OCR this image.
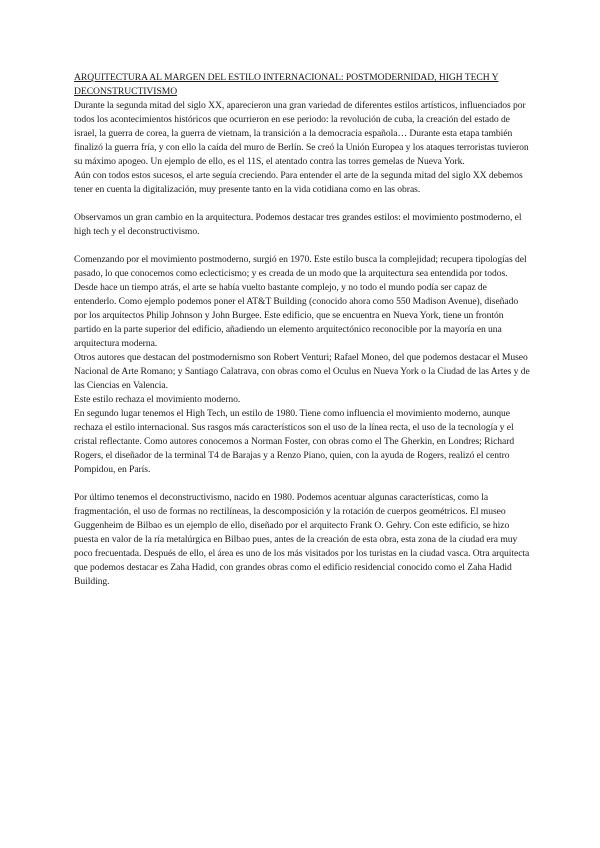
ARQUITECTURA AL MARGEN DEL ESTILO INTERNACIONAL: POSTMODERNIDAD, HIGH TECH Y DECONSTRUCTIVISMO

Durante la segunda mitad del siglo XX, aparecieron una gran variedad de diferentes estilos artísticos, influenciados por todos los acontecimientos históricos que ocurrieron en ese periodo: la revolución de cuba, la creación del estado de israel, la guerra de corea, la guerra de vietnam, la transición a la democracia española… Durante esta etapa también finalizó la guerra fría, y con ello la caída del muro de Berlín. Se creó la Unión Europea y los ataques terroristas tuvieron su máximo apogeo. Un ejemplo de ello, es el 11S, el atentado contra las torres gemelas de Nueva York.

Aún con todos estos sucesos, el arte seguía creciendo. Para entender el arte de la segunda mitad del siglo XX debemos tener en cuenta la digitalización, muy presente tanto en la vida cotidiana como en las obras.

Observamos un gran cambio en la arquitectura. Podemos destacar tres grandes estilos: el movimiento postmoderno, el high tech y el deconstructivismo.

Comenzando por el movimiento postmoderno, surgió en 1970. Este estilo busca la complejidad; recupera tipologías del pasado, lo que conocemos como eclecticismo; y es creada de un modo que la arquitectura sea entendida por todos. Desde hace un tiempo atrás, el arte se había vuelto bastante complejo, y no todo el mundo podía ser capaz de entenderlo. Como ejemplo podemos poner el AT&T Building (conocido ahora como 550 Madison Avenue), diseñado por los arquitectos Philip Johnson y John Burgee. Este edificio, que se encuentra en Nueva York, tiene un frontón partido en la parte superior del edificio, añadiendo un elemento arquitectónico reconocible por la mayoría en una arquitectura moderna.

Otros autores que destacan del postmodernismo son Robert Venturi; Rafael Moneo, del que podemos destacar el Museo Nacional de Arte Romano; y Santiago Calatrava, con obras como el Oculus en Nueva York o la Ciudad de las Artes y de las Ciencias en Valencia.

Este estilo rechaza el movimiento moderno.

En segundo lugar tenemos el High Tech, un estilo de 1980. Tiene como influencia el movimiento moderno, aunque rechaza el estilo internacional. Sus rasgos más característicos son el uso de la línea recta, el uso de la tecnología y el cristal reflectante. Como autores conocemos a Norman Foster, con obras como el The Gherkin, en Londres; Richard Rogers, el diseñador de la terminal T4 de Barajas y a Renzo Piano, quien, con la ayuda de Rogers, realizó el centro Pompidou, en París.

Por último tenemos el deconstructivismo, nacido en 1980. Podemos acentuar algunas características, como la fragmentación, el uso de formas no rectilíneas, la descomposición y la rotación de cuerpos geométricos. El museo Guggenheim de Bilbao es un ejemplo de ello, diseñado por el arquitecto Frank O. Gehry. Con este edificio, se hizo puesta en valor de la ría metalúrgica en Bilbao pues, antes de la creación de esta obra, esta zona de la ciudad era muy poco frecuentada. Después de ello, el área es uno de los más visitados por los turistas en la ciudad vasca. Otra arquitecta que podemos destacar es Zaha Hadid, con grandes obras como el edificio residencial conocido como el Zaha Hadid Building.
